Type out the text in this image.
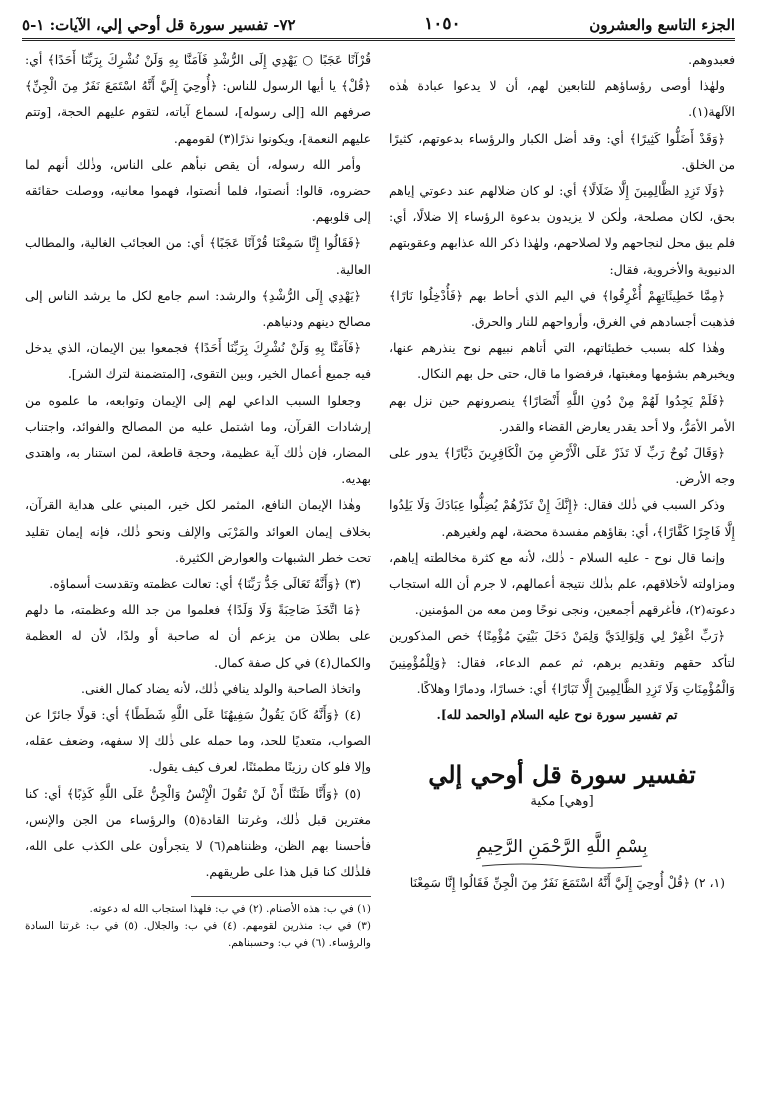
الجزء التاسع والعشرون
١٠٥٠
٧٢- تفسير سورة قل أوحي إلي، الآيات: ١-٥

فعبدوهم.

ولهٰذا أوصى رؤساؤهم للتابعين لهم، أن لا يدعوا عبادة هٰذه الآلهة(١).

﴿وَقَدْ أَضَلُّوا كَثِيرًا﴾ أي: وقد أضل الكبار والرؤساء بدعوتهم، كثيرًا من الخلق.

﴿وَلَا تَزِدِ الظَّالِمِينَ إِلَّا ضَلَالًا﴾ أي: لو كان ضلالهم عند دعوتي إياهم بحق، لكان مصلحة، ولٰكن لا يزيدون بدعوة الرؤساء إلا ضلالًا، أي: فلم يبق محل لنجاحهم ولا لصلاحهم، ولهٰذا ذكر الله عذابهم وعقوبتهم الدنيوية والأخروية، فقال:

﴿مِمَّا خَطِيئَاتِهِمْ أُغْرِقُوا﴾ في اليم الذي أحاط بهم ﴿فَأُدْخِلُوا نَارًا﴾ فذهبت أجسادهم في الغرق، وأرواحهم للنار والحرق.

وهٰذا كله بسبب خطيئاتهم، التي أتاهم نبيهم نوح ينذرهم عنها، ويخبرهم بشؤمها ومغبتها، فرفضوا ما قال، حتى حل بهم النكال.

﴿فَلَمْ يَجِدُوا لَهُمْ مِنْ دُونِ اللَّهِ أَنْصَارًا﴾ ينصرونهم حين نزل بهم الأمر الأمَرُّ، ولا أحد يقدر يعارض القضاء والقدر.

﴿وَقَالَ نُوحٌ رَبِّ لَا تَذَرْ عَلَى الْأَرْضِ مِنَ الْكَافِرِينَ دَيَّارًا﴾ يدور على وجه الأرض.

وذكر السبب في ذٰلك فقال: ﴿إِنَّكَ إِنْ تَذَرْهُمْ يُضِلُّوا عِبَادَكَ وَلَا يَلِدُوا إِلَّا فَاجِرًا كَفَّارًا﴾، أي: بقاؤهم مفسدة محضة، لهم ولغيرهم.

وإنما قال نوح - عليه السلام - ذٰلك، لأنه مع كثرة مخالطته إياهم، ومزاولته لأخلاقهم، علم بذٰلك نتيجة أعمالهم، لا جرم أن الله استجاب دعوته(٢)، فأغرقهم أجمعين، ونجى نوحًا ومن معه من المؤمنين.

﴿رَبِّ اغْفِرْ لِي وَلِوَالِدَيَّ وَلِمَنْ دَخَلَ بَيْتِيَ مُؤْمِنًا﴾ خص المذكورين لتأكد حقهم وتقديم برهم، ثم عمم الدعاء، فقال: ﴿وَلِلْمُؤْمِنِينَ وَالْمُؤْمِنَاتِ وَلَا تَزِدِ الظَّالِمِينَ إِلَّا تَبَارًا﴾ أي: خسارًا، ودمارًا وهلاكًا.

تم تفسير سورة نوح عليه السلام [والحمد لله].

تفسير سورة قل أوحي إلي
[وهي] مكية
بِسْمِ اللَّهِ الرَّحْمَنِ الرَّحِيمِ

(١، ٢) ﴿قُلْ أُوحِيَ إِلَيَّ أَنَّهُ اسْتَمَعَ نَفَرٌ مِنَ الْجِنِّ فَقَالُوا إِنَّا سَمِعْنَا

قُرْآنًا عَجَبًا ○ يَهْدِي إِلَى الرُّشْدِ فَآمَنَّا بِهِ وَلَنْ نُشْرِكَ بِرَبِّنَا أَحَدًا﴾ أي: ﴿قُلْ﴾ يا أيها الرسول للناس: ﴿أُوحِيَ إِلَيَّ أَنَّهُ اسْتَمَعَ نَفَرٌ مِنَ الْجِنِّ﴾ صرفهم الله [إلى رسوله]، لسماع آياته، لتقوم عليهم الحجة، [وتتم عليهم النعمة]، ويكونوا نذرًا(٣) لقومهم.

وأمر الله رسوله، أن يقص نبأهم على الناس، وذٰلك أنهم لما حضروه، قالوا: أنصتوا، فلما أنصتوا، فهموا معانيه، ووصلت حقائقه إلى قلوبهم.

﴿فَقَالُوا إِنَّا سَمِعْنَا قُرْآنًا عَجَبًا﴾ أي: من العجائب الغالية، والمطالب العالية.

﴿يَهْدِي إِلَى الرُّشْدِ﴾ والرشد: اسم جامع لكل ما يرشد الناس إلى مصالح دينهم ودنياهم.

﴿فَآمَنَّا بِهِ وَلَنْ نُشْرِكَ بِرَبِّنَا أَحَدًا﴾ فجمعوا بين الإيمان، الذي يدخل فيه جميع أعمال الخير، وبين التقوى، [المتضمنة لترك الشر].

وجعلوا السبب الداعي لهم إلى الإيمان وتوابعه، ما علموه من إرشادات القرآن، وما اشتمل عليه من المصالح والفوائد، واجتناب المضار، فإن ذٰلك آية عظيمة، وحجة قاطعة، لمن استنار به، واهتدى بهديه.

وهٰذا الإيمان النافع، المثمر لكل خير، المبني على هداية القرآن، بخلاف إيمان العوائد والمَرْبَى والإلف ونحو ذٰلك، فإنه إيمان تقليد تحت خطر الشبهات والعوارض الكثيرة.

(٣) ﴿وَأَنَّهُ تَعَالَى جَدُّ رَبِّنَا﴾ أي: تعالت عظمته وتقدست أسماؤه.

﴿مَا اتَّخَذَ صَاحِبَةً وَلَا وَلَدًا﴾ فعلموا من جد الله وعظمته، ما دلهم على بطلان من يزعم أن له صاحبة أو ولدًا، لأن له العظمة والكمال(٤) في كل صفة كمال.

واتخاذ الصاحبة والولد ينافي ذٰلك، لأنه يضاد كمال الغنى.

(٤) ﴿وَأَنَّهُ كَانَ يَقُولُ سَفِيهُنَا عَلَى اللَّهِ شَطَطًا﴾ أي: قولًا جائرًا عن الصواب، متعديًا للحد، وما حمله على ذٰلك إلا سفهه، وضعف عقله، وإلا فلو كان رزينًا مطمئنًا، لعرف كيف يقول.

(٥) ﴿وَأَنَّا ظَنَنَّا أَنْ لَنْ تَقُولَ الْإِنْسُ وَالْجِنُّ عَلَى اللَّهِ كَذِبًا﴾ أي: كنا مغترين قبل ذٰلك، وغرتنا القادة(٥) والرؤساء من الجن والإنس، فأحسنا بهم الظن، وظنناهم(٦) لا يتجرأون على الكذب على الله، فلذٰلك كنا قبل هذا على طريقهم.

(١) في ب: هذه الأصنام. (٢) في ب: فلهذا استجاب الله له دعوته.
(٣) في ب: منذرين لقومهم. (٤) في ب: والجلال. (٥) في ب: غرتنا السادة والرؤساء. (٦) في ب: وحسبناهم.
